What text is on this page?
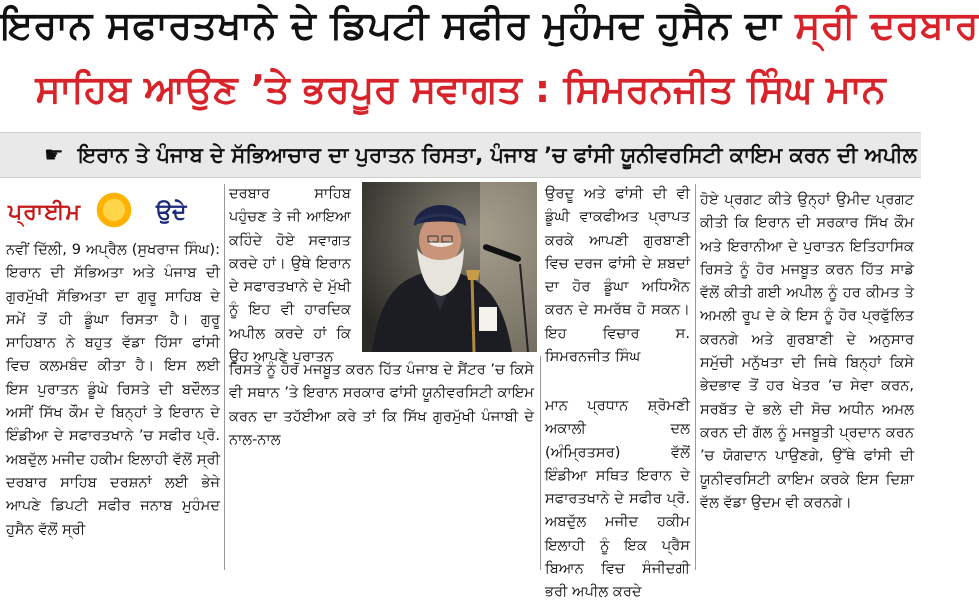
ਇਰਾਨ ਸਫਾਰਤਖਾਨੇ ਦੇ ਡਿਪਟੀ ਸਫੀਰ ਮੁਹੰਮਦ ਹੁਸੈਨ ਦਾ ਸ੍ਰੀ ਦਰਬਾਰ
ਸਾਹਿਬ ਆਉਣ ’ਤੇ ਭਰਪੂਰ ਸਵਾਗਤ : ਸਿਮਰਨਜੀਤ ਸਿੰਘ ਮਾਨ
☛ ਇਰਾਨ ਤੇ ਪੰਜਾਬ ਦੇ ਸੱਭਿਆਚਾਰ ਦਾ ਪੁਰਾਤਨ ਰਿਸਤਾ, ਪੰਜਾਬ ’ਚ ਫਾਂਸੀ ਯੂਨੀਵਰਸਿਟੀ ਕਾਇਮ ਕਰਨ ਦੀ ਅਪੀਲ
ਪ੍ਰਾਈਮ	ਉਦੇ
ਨਵੀਂ ਦਿੱਲੀ, 9 ਅਪ੍ਰੈਲ (ਸੁਖਰਾਜ ਸਿੰਘ): ਇਰਾਨ ਦੀ ਸੱਭਿਅਤਾ ਅਤੇ ਪੰਜਾਬ ਦੀ ਗੁਰਮੁੱਖੀ ਸੱਭਿਅਤਾ ਦਾ ਗੁਰੂ ਸਾਹਿਬ ਦੇ ਸਮੇਂ ਤੋਂ ਹੀ ਡੂੰਘਾ ਰਿਸਤਾ ਹੈ। ਗੁਰੂ ਸਾਹਿਬਾਨ ਨੇ ਬਹੁਤ ਵੱਡਾ ਹਿੱਸਾ ਫਾਂਸੀ ਵਿਚ ਕਲਮਬੰਦ ਕੀਤਾ ਹੈ। ਇਸ ਲਈ ਇਸ ਪੁਰਾਤਨ ਡੂੰਘੇ ਰਿਸਤੇ ਦੀ ਬਦੌਲਤ ਅਸੀਂ ਸਿੱਖ ਕੌਮ ਦੇ ਬਿਨ੍ਹਾਂ ਤੇ ਇਰਾਨ ਦੇ ਇੰਡੀਆ ਦੇ ਸਫਾਰਤਖਾਨੇ ’ਚ ਸਫੀਰ ਪ੍ਰੋ. ਅਬਦੁੱਲ ਮਜੀਦ ਹਕੀਮ ਇਲਾਹੀ ਵੱਲੋਂ ਸ੍ਰੀ ਦਰਬਾਰ ਸਾਹਿਬ ਦਰਸ਼ਨਾਂ ਲਈ ਭੇਜੇ ਆਪਣੇ ਡਿਪਟੀ ਸਫੀਰ ਜਨਾਬ ਮੁਹੰਮਦ ਹੁਸੈਨ ਵੱਲੋਂ ਸ੍ਰੀ
ਦਰਬਾਰ ਸਾਹਿਬ ਪਹੁੰਚਣ ਤੇ ਜੀ ਆਇਆ ਕਹਿੰਦੇ ਹੋਏ ਸਵਾਗਤ ਕਰਦੇ ਹਾਂ। ਉਥੇ ਇਰਾਨ ਦੇ ਸਫਾਰਤਖਾਨੇ ਦੇ ਮੁੱਖੀ ਨੂੰ ਇਹ ਵੀ ਹਾਰਦਿਕ ਅਪੀਲ ਕਰਦੇ ਹਾਂ ਕਿ ਉਹ ਆਪਣੇ ਪੁਰਾਤਨ
ਰਿਸਤੇ ਨੂੰ ਹੋਰ ਮਜਬੂਤ ਕਰਨ ਹਿੱਤ ਪੰਜਾਬ ਦੇ ਸੈਂਟਰ ’ਚ ਕਿਸੇ ਵੀ ਸਥਾਨ ’ਤੇ ਇਰਾਨ ਸਰਕਾਰ ਫਾਂਸੀ ਯੂਨੀਵਰਸਿਟੀ ਕਾਇਮ ਕਰਨ ਦਾ ਤਹੱਈਆ ਕਰੇ ਤਾਂ ਕਿ ਸਿੱਖ ਗੁਰਮੁੱਖੀ ਪੰਜਾਬੀ ਦੇ ਨਾਲ-ਨਾਲ
ਉਰਦੂ ਅਤੇ ਫਾਂਸੀ ਦੀ ਵੀ ਡੂੰਘੀ ਵਾਕਫੀਅਤ ਪ੍ਰਾਪਤ ਕਰਕੇ ਆਪਣੀ ਗੁਰਬਾਣੀ ਵਿਚ ਦਰਜ ਫਾਂਸੀ ਦੇ ਸ਼ਬਦਾਂ ਦਾ ਹੋਰ ਡੂੰਘਾ ਅਧਿਐਨ ਕਰਨ ਦੇ ਸਮਰੱਥ ਹੋ ਸਕਨ। ਇਹ ਵਿਚਾਰ ਸ. ਸਿਮਰਨਜੀਤ ਸਿੰਘ
ਮਾਨ ਪ੍ਰਧਾਨ ਸ਼੍ਰੋਮਣੀ ਅਕਾਲੀ ਦਲ (ਅੰਮ੍ਰਿਤਸਰ) ਵੱਲੋਂ ਇੰਡੀਆ ਸਥਿਤ ਇਰਾਨ ਦੇ ਸਫਾਰਤਖਾਨੇ ਦੇ ਸਫੀਰ ਪ੍ਰੋ. ਅਬਦੁੱਲ ਮਜੀਦ ਹਕੀਮ ਇਲਾਹੀ ਨੂੰ ਇਕ ਪ੍ਰੈਸ ਬਿਆਨ ਵਿਚ ਸੰਜੀਦਗੀ ਭਰੀ ਅਪੀਲ ਕਰਦੇ
ਹੋਏ ਪ੍ਰਗਟ ਕੀਤੇ ਉਨ੍ਹਾਂ ਉਮੀਦ ਪ੍ਰਗਟ ਕੀਤੀ ਕਿ ਇਰਾਨ ਦੀ ਸਰਕਾਰ ਸਿੱਖ ਕੌਮ ਅਤੇ ਇਰਾਨੀਆ ਦੇ ਪੁਰਾਤਨ ਇਤਿਹਾਸਿਕ ਰਿਸਤੇ ਨੂੰ ਹੋਰ ਮਜਬੂਤ ਕਰਨ ਹਿੱਤ ਸਾਡੇ ਵੱਲੋਂ ਕੀਤੀ ਗਈ ਅਪੀਲ ਨੂੰ ਹਰ ਕੀਮਤ ਤੇ ਅਮਲੀ ਰੂਪ ਦੇ ਕੇ ਇਸ ਨੂੰ ਹੋਰ ਪ੍ਰਫੁੱਲਿਤ ਕਰਨਗੇ ਅਤੇ ਗੁਰਬਾਣੀ ਦੇ ਅਨੁਸਾਰ ਸਮੁੱਚੀ ਮਨੁੱਖਤਾ ਦੀ ਜਿਥੇ ਬਿਨ੍ਹਾਂ ਕਿਸੇ ਭੇਦਭਾਵ ਤੋਂ ਹਰ ਖੇਤਰ ’ਚ ਸੇਵਾ ਕਰਨ, ਸਰਬੱਤ ਦੇ ਭਲੇ ਦੀ ਸੋਚ ਅਧੀਨ ਅਮਲ ਕਰਨ ਦੀ ਗੱਲ ਨੂੰ ਮਜਬੂਤੀ ਪ੍ਰਦਾਨ ਕਰਨ ’ਚ ਯੋਗਦਾਨ ਪਾਉਣਗੇ, ਉੱਥੇ ਫਾਂਸੀ ਦੀ ਯੂਨੀਵਰਸਿਟੀ ਕਾਇਮ ਕਰਕੇ ਇਸ ਦਿਸ਼ਾ ਵੱਲ ਵੱਡਾ ਉਦਮ ਵੀ ਕਰਨਗੇ।
